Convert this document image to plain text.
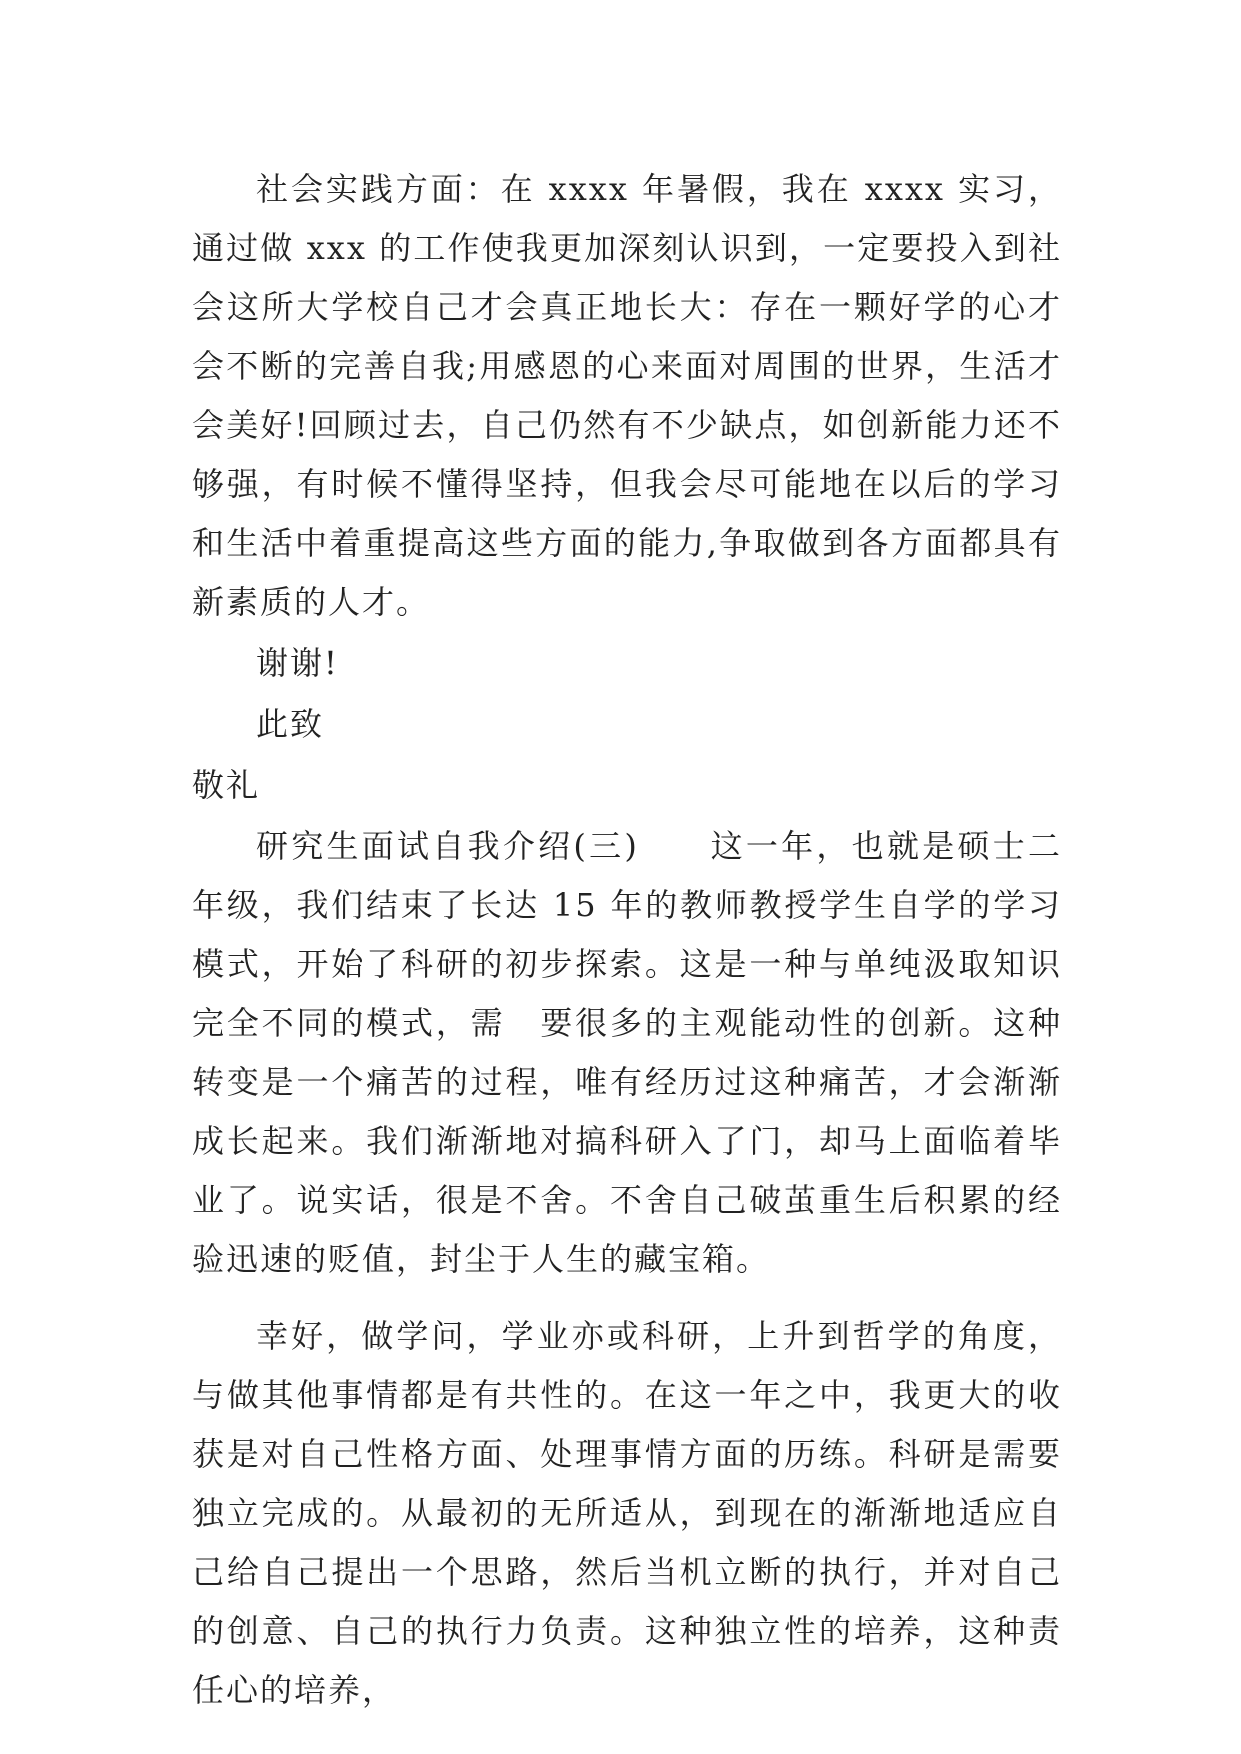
社会实践方面：在 xxxx 年暑假，我在 xxxx 实习，通过做 xxx 的工作使我更加深刻认识到，一定要投入到社会这所大学校自己才会真正地长大：存在一颗好学的心才会不断的完善自我;用感恩的心来面对周围的世界，生活才会美好!回顾过去，自己仍然有不少缺点，如创新能力还不够强，有时候不懂得坚持，但我会尽可能地在以后的学习和生活中着重提高这些方面的能力,争取做到各方面都具有新素质的人才。

谢谢!

此致

敬礼

研究生面试自我介绍(三)　　这一年，也就是硕士二年级，我们结束了长达 15 年的教师教授学生自学的学习模式，开始了科研的初步探索。这是一种与单纯汲取知识完全不同的模式，需　要很多的主观能动性的创新。这种转变是一个痛苦的过程，唯有经历过这种痛苦，才会渐渐成长起来。我们渐渐地对搞科研入了门，却马上面临着毕业了。说实话，很是不舍。不舍自己破茧重生后积累的经验迅速的贬值，封尘于人生的藏宝箱。

幸好，做学问，学业亦或科研，上升到哲学的角度，与做其他事情都是有共性的。在这一年之中，我更大的收获是对自己性格方面、处理事情方面的历练。科研是需要独立完成的。从最初的无所适从，到现在的渐渐地适应自己给自己提出一个思路，然后当机立断的执行，并对自己的创意、自己的执行力负责。这种独立性的培养，这种责任心的培养，
